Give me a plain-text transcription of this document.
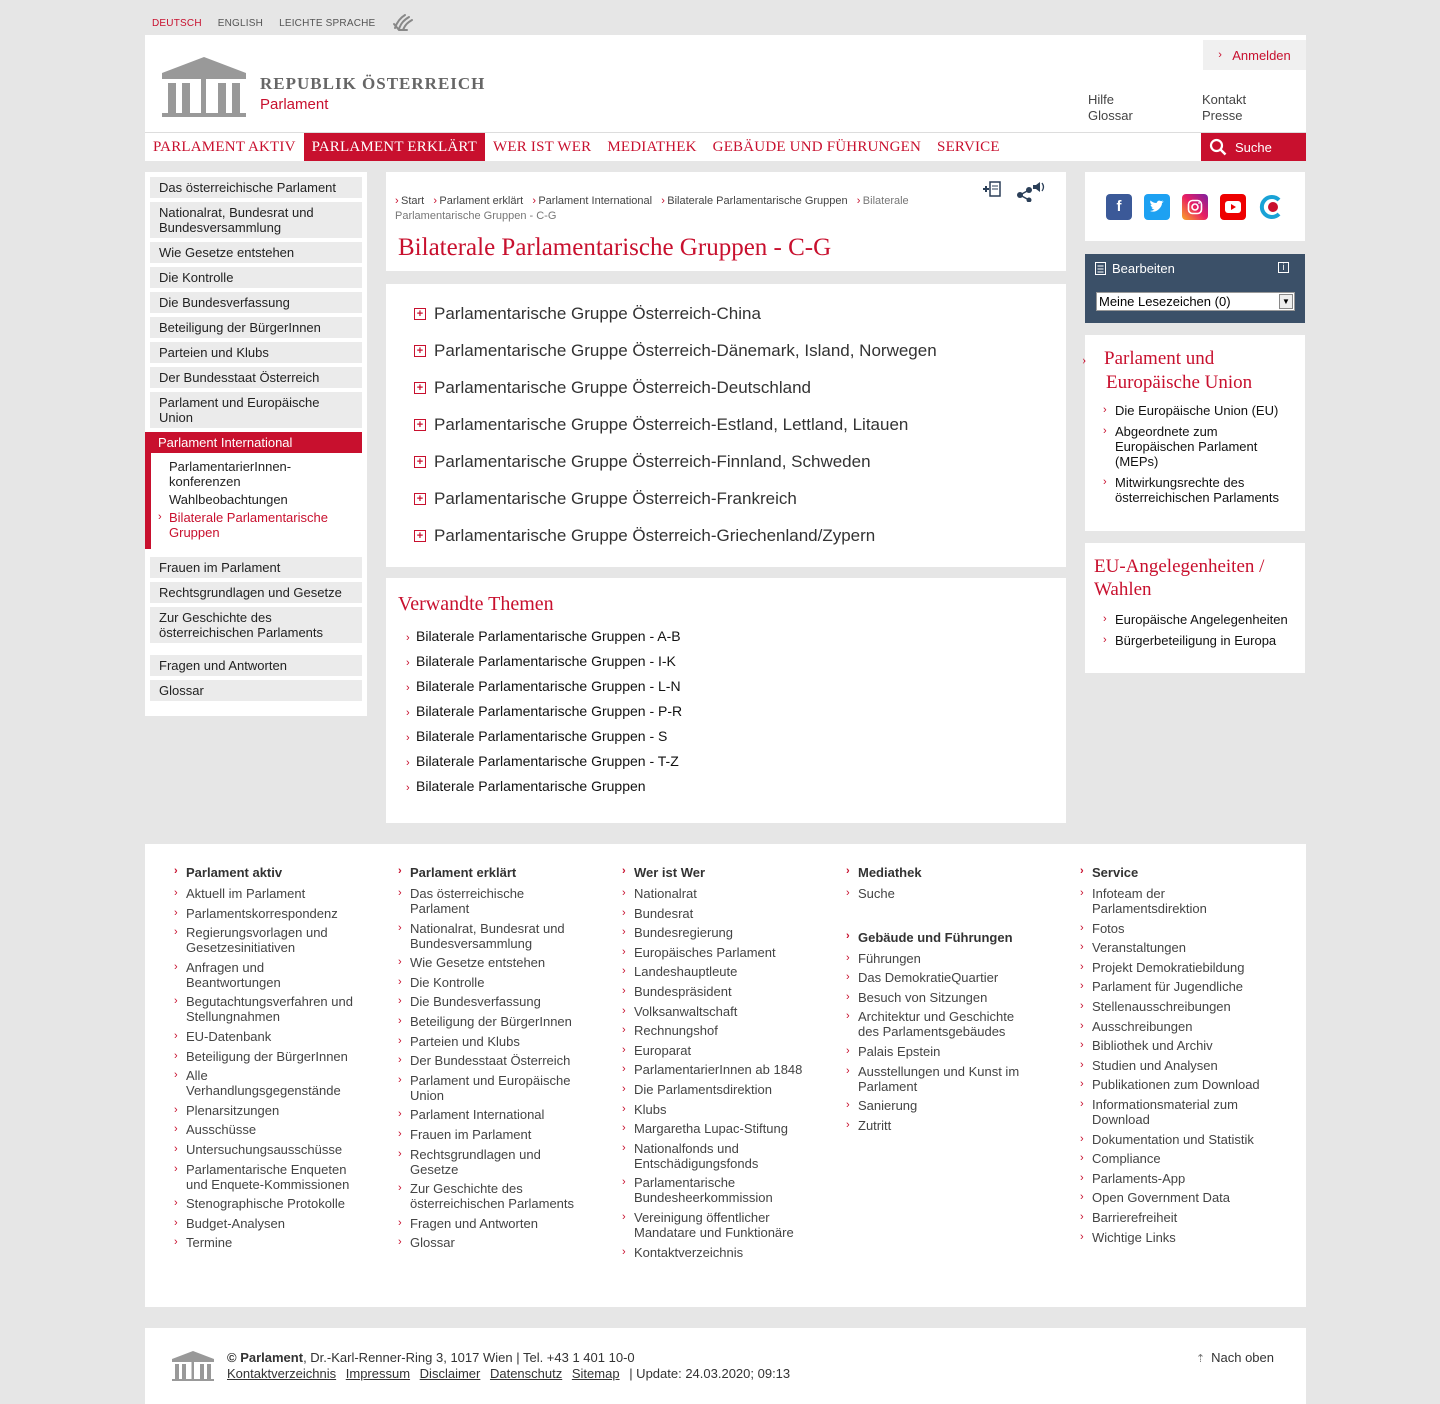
DEUTSCH ENGLISH LEICHTE SPRACHE
REPUBLIK ÖSTERREICH
Parlament
› Anmelden
Hilfe
Glossar
Kontakt
Presse
PARLAMENT AKTIV	PARLAMENT ERKLÄRT	WER IST WER	MEDIATHEK	GEBÄUDE UND FÜHRUNGEN	SERVICE	Suche
Das österreichische Parlament
Nationalrat, Bundesrat und Bundesversammlung
Wie Gesetze entstehen
Die Kontrolle
Die Bundesverfassung
Beteiligung der BürgerInnen
Parteien und Klubs
Der Bundesstaat Österreich
Parlament und Europäische Union
Parlament International
ParlamentarierInnen-konferenzen
Wahlbeobachtungen
› Bilaterale Parlamentarische Gruppen
Frauen im Parlament
Rechtsgrundlagen und Gesetze
Zur Geschichte des österreichischen Parlaments
Fragen und Antworten
Glossar
› Start › Parlament erklärt › Parlament International › Bilaterale Parlamentarische Gruppen › Bilaterale Parlamentarische Gruppen - C-G
Bilaterale Parlamentarische Gruppen - C-G
+ Parlamentarische Gruppe Österreich-China
+ Parlamentarische Gruppe Österreich-Dänemark, Island, Norwegen
+ Parlamentarische Gruppe Österreich-Deutschland
+ Parlamentarische Gruppe Österreich-Estland, Lettland, Litauen
+ Parlamentarische Gruppe Österreich-Finnland, Schweden
+ Parlamentarische Gruppe Österreich-Frankreich
+ Parlamentarische Gruppe Österreich-Griechenland/Zypern
Verwandte Themen
› Bilaterale Parlamentarische Gruppen - A-B
› Bilaterale Parlamentarische Gruppen - I-K
› Bilaterale Parlamentarische Gruppen - L-N
› Bilaterale Parlamentarische Gruppen - P-R
› Bilaterale Parlamentarische Gruppen - S
› Bilaterale Parlamentarische Gruppen - T-Z
› Bilaterale Parlamentarische Gruppen
f
Bearbeiten	i
Meine Lesezeichen (0)	▼
› Parlament und Europäische Union
› Die Europäische Union (EU)
› Abgeordnete zum Europäischen Parlament (MEPs)
› Mitwirkungsrechte des österreichischen Parlaments
EU-Angelegenheiten / Wahlen
› Europäische Angelegenheiten
› Bürgerbeteiligung in Europa
› Parlament aktiv
› Aktuell im Parlament
› Parlamentskorrespondenz
› Regierungsvorlagen und Gesetzesinitiativen
› Anfragen und Beantwortungen
› Begutachtungsverfahren und Stellungnahmen
› EU-Datenbank
› Beteiligung der BürgerInnen
› Alle Verhandlungsgegenstände
› Plenarsitzungen
› Ausschüsse
› Untersuchungsausschüsse
› Parlamentarische Enqueten und Enquete-Kommissionen
› Stenographische Protokolle
› Budget-Analysen
› Termine
› Parlament erklärt
› Das österreichische Parlament
› Nationalrat, Bundesrat und Bundesversammlung
› Wie Gesetze entstehen
› Die Kontrolle
› Die Bundesverfassung
› Beteiligung der BürgerInnen
› Parteien und Klubs
› Der Bundesstaat Österreich
› Parlament und Europäische Union
› Parlament International
› Frauen im Parlament
› Rechtsgrundlagen und Gesetze
› Zur Geschichte des österreichischen Parlaments
› Fragen und Antworten
› Glossar
› Wer ist Wer
› Nationalrat
› Bundesrat
› Bundesregierung
› Europäisches Parlament
› Landeshauptleute
› Bundespräsident
› Volksanwaltschaft
› Rechnungshof
› Europarat
› ParlamentarierInnen ab 1848
› Die Parlamentsdirektion
› Klubs
› Margaretha Lupac-Stiftung
› Nationalfonds und Entschädigungsfonds
› Parlamentarische Bundesheerkommission
› Vereinigung öffentlicher Mandatare und Funktionäre
› Kontaktverzeichnis
› Mediathek
› Suche
› Gebäude und Führungen
› Führungen
› Das DemokratieQuartier
› Besuch von Sitzungen
› Architektur und Geschichte des Parlamentsgebäudes
› Palais Epstein
› Ausstellungen und Kunst im Parlament
› Sanierung
› Zutritt
› Service
› Infoteam der Parlamentsdirektion
› Fotos
› Veranstaltungen
› Projekt Demokratiebildung
› Parlament für Jugendliche
› Stellenausschreibungen
› Ausschreibungen
› Bibliothek und Archiv
› Studien und Analysen
› Publikationen zum Download
› Informationsmaterial zum Download
› Dokumentation und Statistik
› Compliance
› Parlaments-App
› Open Government Data
› Barrierefreiheit
› Wichtige Links
© Parlament, Dr.-Karl-Renner-Ring 3, 1017 Wien | Tel. +43 1 401 10-0
Kontaktverzeichnis Impressum Disclaimer Datenschutz Sitemap | Update: 24.03.2020; 09:13
⇡ Nach oben
